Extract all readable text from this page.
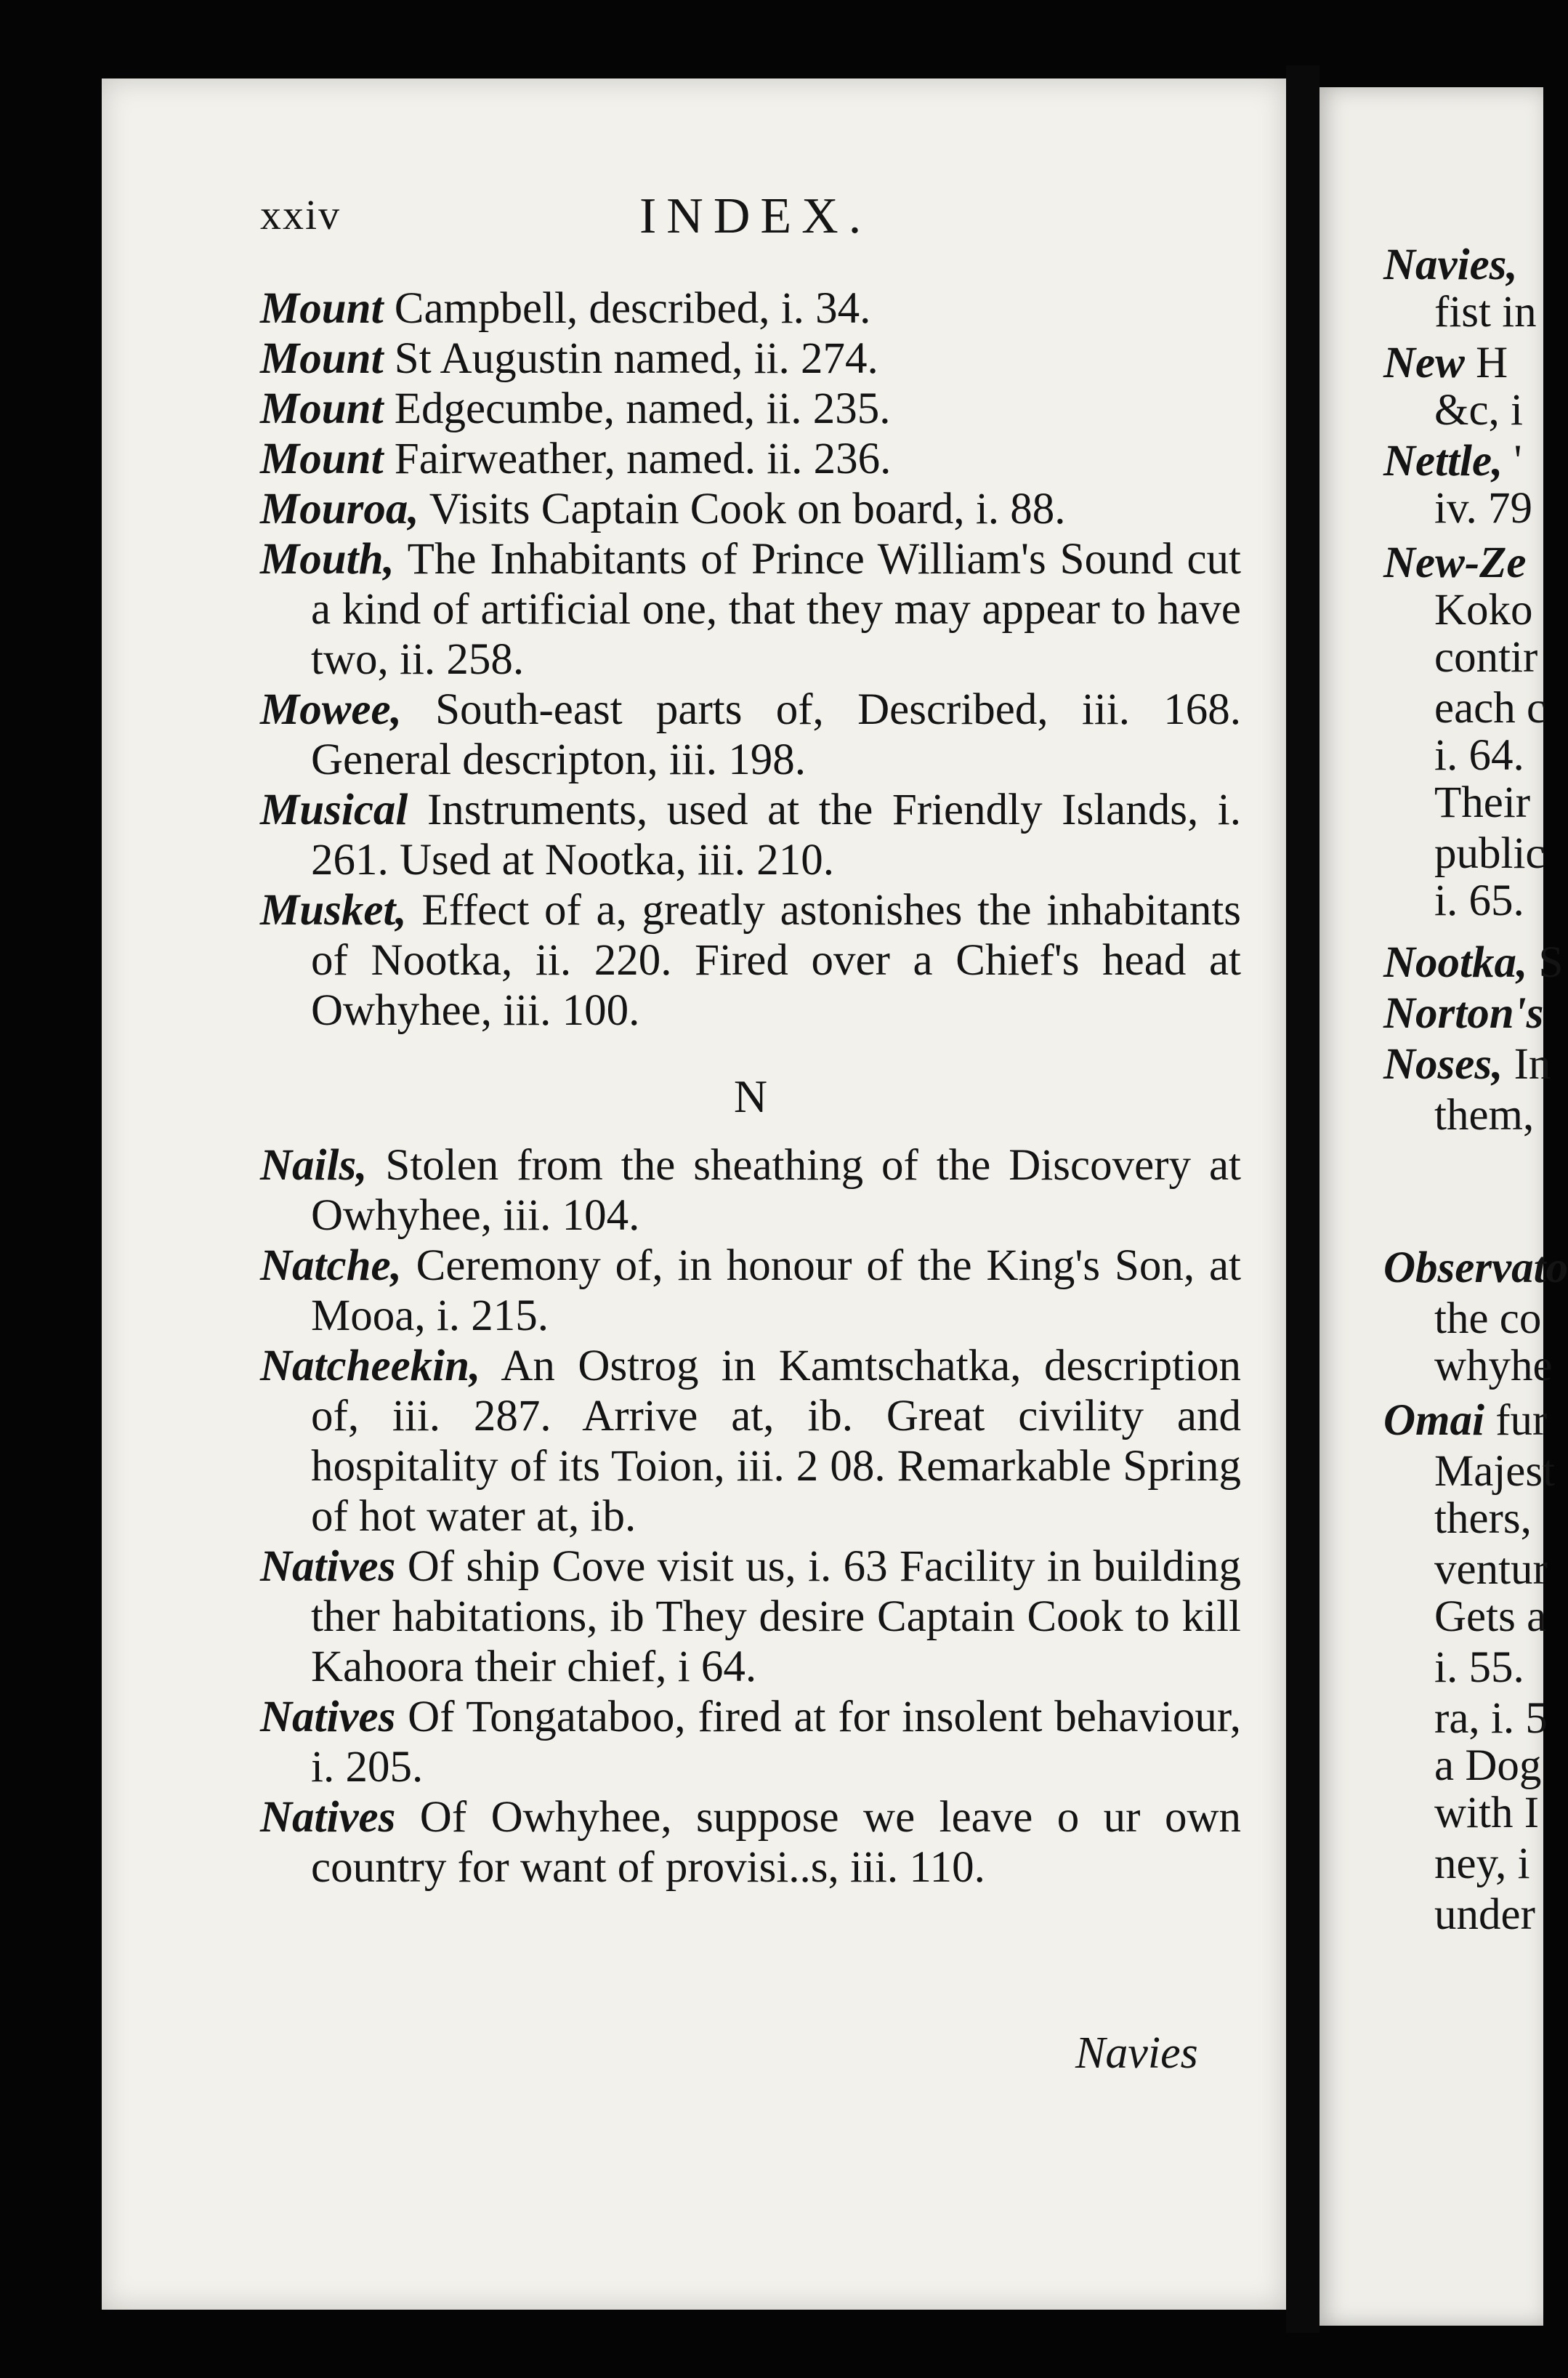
Navies,
fist in
New H
&c, i
Nettle, '
iv. 79
New-Ze
Koko
contir
each c
i. 64.
Their
public
i. 65.
Nootka, S
Norton's
Noses, In
them,
Observato
the co
whyhe
Omai fur
Majest
thers,
ventur
Gets a
i. 55.
ra, i. 5
a Dog
with I
ney, i
under
xxiv	INDEX.
Mount Campbell, described, i. 34.
Mount St Augustin named, ii. 274.
Mount Edgecumbe, named, ii. 235.
Mount Fairweather, named. ii. 236.
Mouroa, Visits Captain Cook on board, i. 88.
Mouth, The Inhabitants of Prince William's Sound cut a kind of artificial one, that they may appear to have two, ii. 258.
Mowee, South-east parts of, Described, iii. 168. General descripton, iii. 198.
Musical Instruments, used at the Friendly Islands, i. 261. Used at Nootka, iii. 210.
Musket, Effect of a, greatly astonishes the inhabitants of Nootka, ii. 220. Fired over a Chief's head at Owhyhee, iii. 100.
N
Nails, Stolen from the sheathing of the Discovery at Owhyhee, iii. 104.
Natche, Ceremony of, in honour of the King's Son, at Mooa, i. 215.
Natcheekin, An Ostrog in Kamtschatka, description of, iii. 287. Arrive at, ib. Great civility and hospitality of its Toion, iii. 2 08. Remarkable Spring of hot water at, ib.
Natives Of ship Cove visit us, i. 63 Facility in building ther habitations, ib They desire Captain Cook to kill Kahoora their chief, i 64.
Natives Of Tongataboo, fired at for insolent behaviour, i. 205.
Natives Of Owhyhee, suppose we leave o ur own country for want of provisi..s, iii. 110.
Navies
